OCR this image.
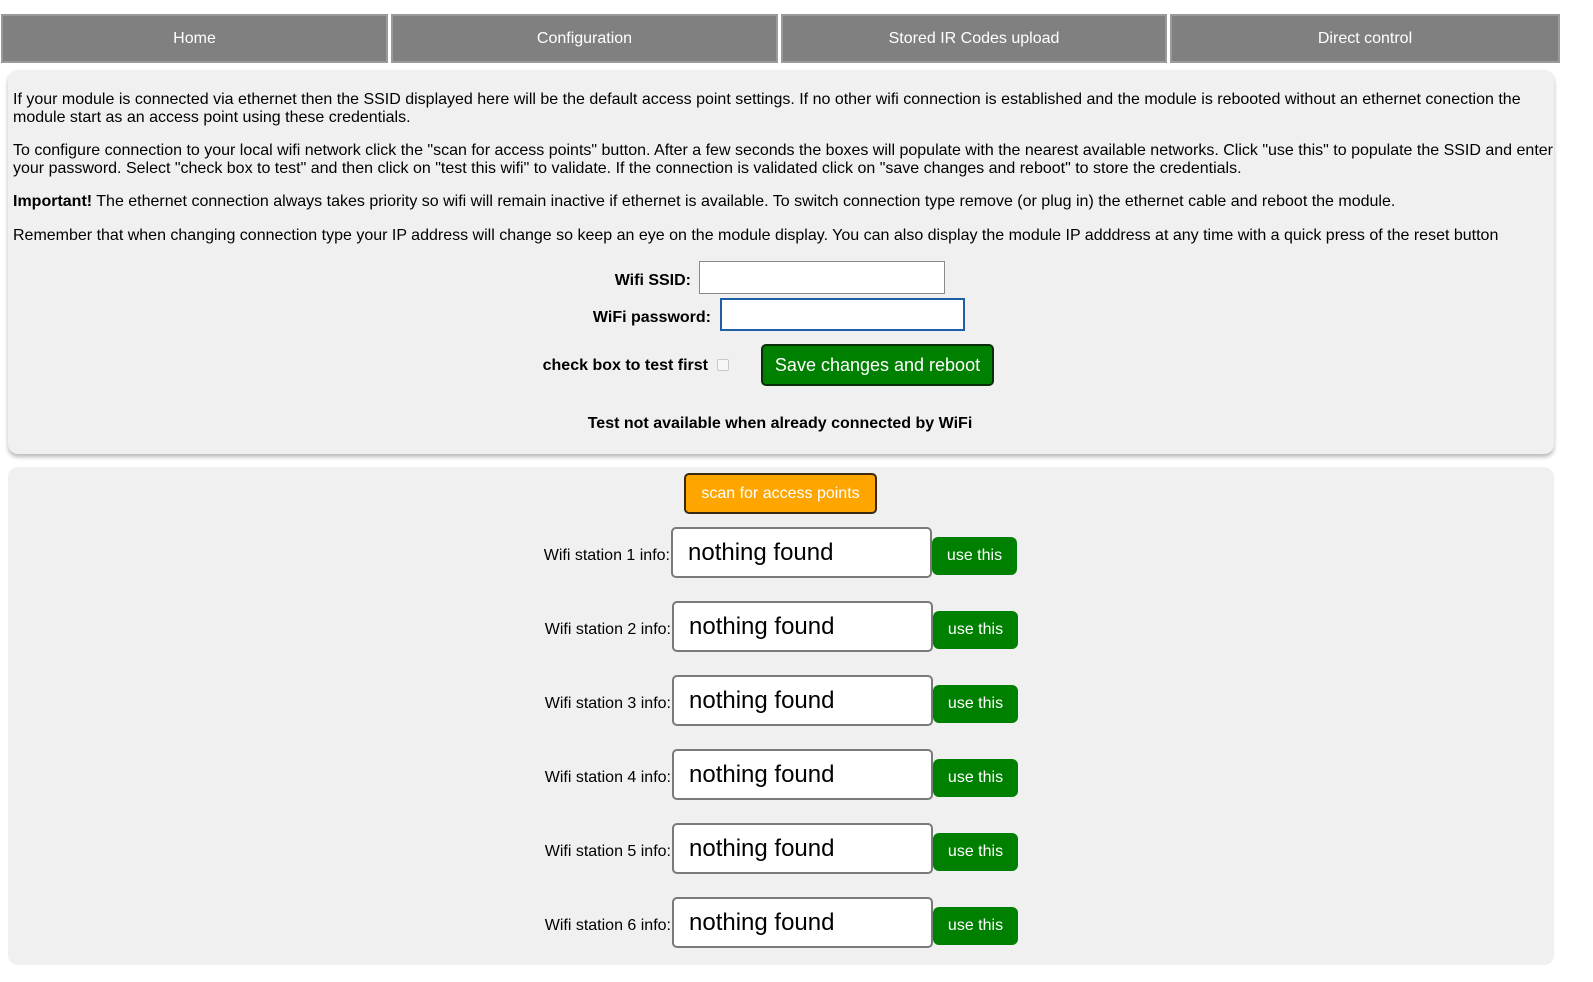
Home	Configuration	Stored IR Codes upload	Direct control

If your module is connected via ethernet then the SSID displayed here will be the default access point settings. If no other wifi connection is established and the module is rebooted without an ethernet conection the module start as an access point using these credentials.

To configure connection to your local wifi network click the "scan for access points" button. After a few seconds the boxes will populate with the nearest available networks. Click "use this" to populate the SSID and enter your password. Select "check box to test" and then click on "test this wifi" to validate. If the connection is validated click on "save changes and reboot" to store the credentials.

Important! The ethernet connection always takes priority so wifi will remain inactive if ethernet is available. To switch connection type remove (or plug in) the ethernet cable and reboot the module.

Remember that when changing connection type your IP address will change so keep an eye on the module display. You can also display the module IP adddress at any time with a quick press of the reset button

Wifi SSID:
WiFi password:
check box to test first	Save changes and reboot
Test not available when already connected by WiFi
scan for access points
Wifi station 1 info: nothing found	use this
Wifi station 2 info: nothing found	use this
Wifi station 3 info: nothing found	use this
Wifi station 4 info: nothing found	use this
Wifi station 5 info: nothing found	use this
Wifi station 6 info: nothing found	use this
